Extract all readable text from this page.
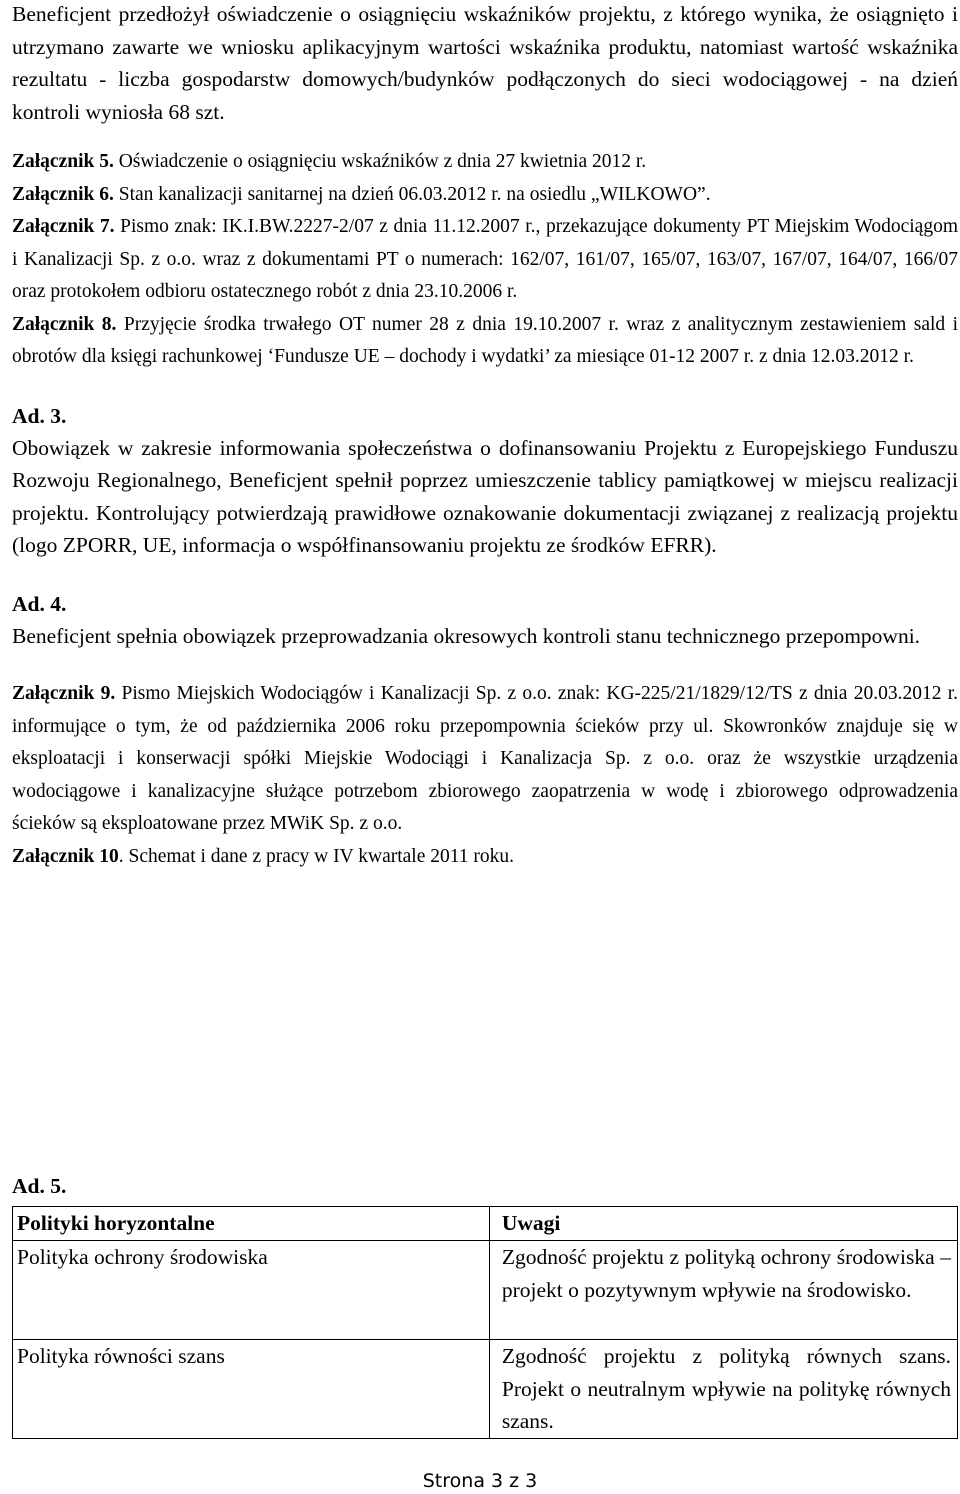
Beneficjent przedłożył oświadczenie o osiągnięciu wskaźników projektu, z którego wynika, że osiągnięto i utrzymano zawarte we wniosku aplikacyjnym wartości wskaźnika produktu, natomiast wartość wskaźnika rezultatu - liczba gospodarstw domowych/budynków podłączonych do sieci wodociągowej - na dzień kontroli wyniosła 68 szt.

Załącznik 5. Oświadczenie o osiągnięciu wskaźników z dnia 27 kwietnia 2012 r.

Załącznik 6. Stan kanalizacji sanitarnej na dzień 06.03.2012 r. na osiedlu „WILKOWO”.

Załącznik 7. Pismo znak: IK.I.BW.2227-2/07 z dnia 11.12.2007 r., przekazujące dokumenty PT Miejskim Wodociągom i Kanalizacji Sp. z o.o. wraz z dokumentami PT o numerach: 162/07, 161/07, 165/07, 163/07, 167/07, 164/07, 166/07 oraz protokołem odbioru ostatecznego robót z dnia 23.10.2006 r.

Załącznik 8. Przyjęcie środka trwałego OT numer 28 z dnia 19.10.2007 r. wraz z analitycznym zestawieniem sald i obrotów dla księgi rachunkowej ‘Fundusze UE – dochody i wydatki’ za miesiące 01-12 2007 r. z dnia 12.03.2012 r.

Ad. 3.

Obowiązek w zakresie informowania społeczeństwa o dofinansowaniu Projektu z Europejskiego Funduszu Rozwoju Regionalnego, Beneficjent spełnił poprzez umieszczenie tablicy pamiątkowej w miejscu realizacji projektu. Kontrolujący potwierdzają prawidłowe oznakowanie dokumentacji związanej z realizacją projektu (logo ZPORR, UE, informacja o współfinansowaniu projektu ze środków EFRR).

Ad. 4.

Beneficjent spełnia obowiązek przeprowadzania okresowych kontroli stanu technicznego przepompowni.

Załącznik 9. Pismo Miejskich Wodociągów i Kanalizacji Sp. z o.o. znak: KG-225/21/1829/12/TS z dnia 20.03.2012 r. informujące o tym, że od października 2006 roku przepompownia ścieków przy ul. Skowronków znajduje się w eksploatacji i konserwacji spółki Miejskie Wodociągi i Kanalizacja Sp. z o.o. oraz że wszystkie urządzenia wodociągowe i kanalizacyjne służące potrzebom zbiorowego zaopatrzenia w wodę i zbiorowego odprowadzenia ścieków są eksploatowane przez MWiK Sp. z o.o.

Załącznik 10. Schemat i dane z pracy w IV kwartale 2011 roku.

Ad. 5.

Polityki horyzontalne	Uwagi
Polityka ochrony środowiska	Zgodność projektu z polityką ochrony środowiska – projekt o pozytywnym wpływie na środowisko.
Polityka równości szans	Zgodność projektu z polityką równych szans. Projekt o neutralnym wpływie na politykę równych szans.
Strona 3 z 3
